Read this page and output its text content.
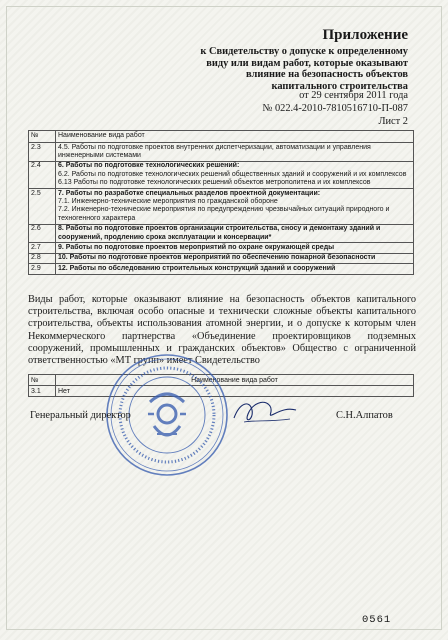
Приложение
к Свидетельству о допуске к определенному
виду или видам работ, которые оказывают
влияние на безопасность объектов
капитального строительства
от 29 сентября 2011 года
№ 022.4-2010-7810516710-П-087
Лист 2
№	Наименование вида работ
2.3	4.5. Работы по подготовке проектов внутренних диспетчеризации, автоматизации и управления инженерными системами

2.4	6. Работы по подготовке технологических решений:
6.2. Работы по подготовке технологических решений общественных зданий и сооружений и их комплексов
6.13 Работы по подготовке технологических решений объектов метрополитена и их комплексов

2.5	7. Работы по разработке специальных разделов проектной документации:
7.1. Инженерно-технические мероприятия по гражданской обороне
7.2. Инженерно-технические мероприятия по предупреждению чрезвычайных ситуаций природного и техногенного характера

2.6	8. Работы по подготовке проектов организации строительства, сносу и демонтажу зданий и сооружений, продлению срока эксплуатации и консервации*

2.7	9. Работы по подготовке проектов мероприятий по охране окружающей среды

2.8	10. Работы по подготовке проектов мероприятий по обеспечению пожарной безопасности

2.9	12. Работы по обследованию строительных конструкций зданий и сооружений
Виды работ, которые оказывают влияние на безопасность объектов капитального строительства, включая особо опасные и технически сложные объекты капитального строительства, объекты использования атомной энергии, и о допуске к которым член Некоммерческого партнерства «Объединение проектировщиков подземных сооружений, промышленных и гражданских объектов» Общество с ограниченной ответственностью «МТ групп» имеет Свидетельство
№	Наименование вида работ
3.1	Нет
Генеральный директор	С.Н.Алпатов
0561
